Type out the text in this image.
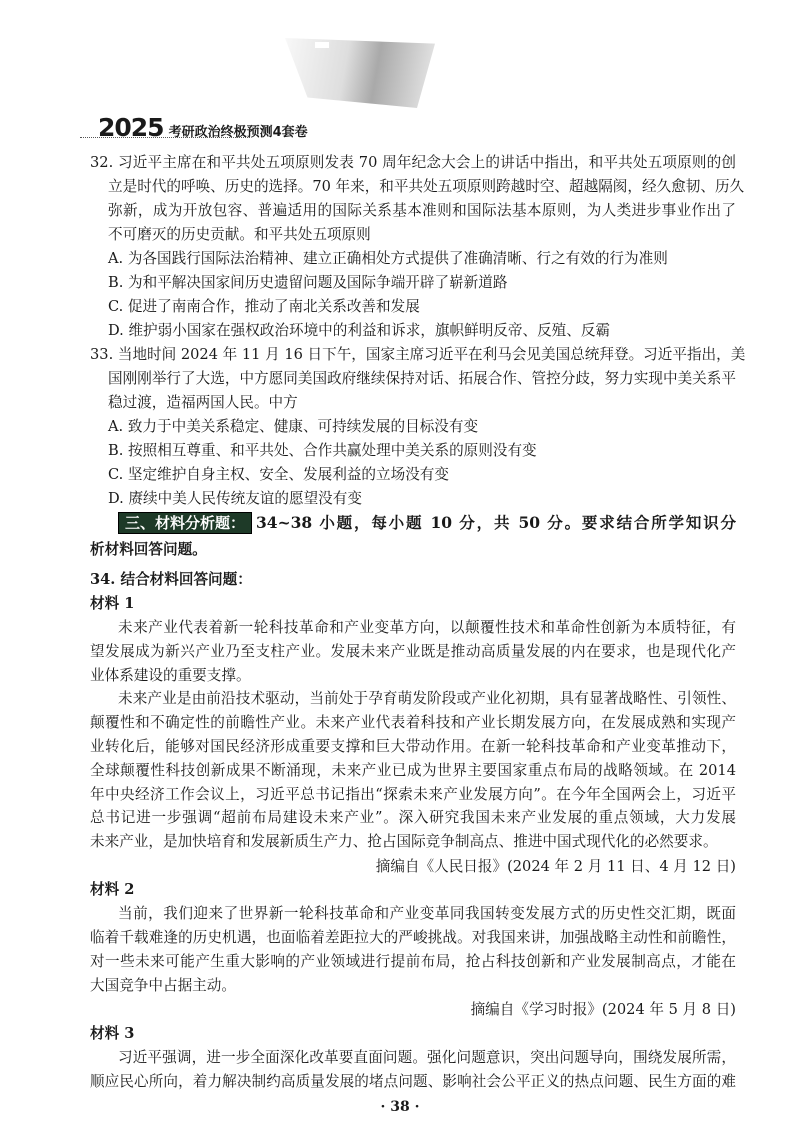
2025 考研政治终极预测4套卷
32. 习近平主席在和平共处五项原则发表 70 周年纪念大会上的讲话中指出，和平共处五项原则的创
立是时代的呼唤、历史的选择。70 年来，和平共处五项原则跨越时空、超越隔阂，经久愈韧、历久
弥新，成为开放包容、普遍适用的国际关系基本准则和国际法基本原则，为人类进步事业作出了
不可磨灭的历史贡献。和平共处五项原则
A. 为各国践行国际法治精神、建立正确相处方式提供了准确清晰、行之有效的行为准则
B. 为和平解决国家间历史遗留问题及国际争端开辟了崭新道路
C. 促进了南南合作，推动了南北关系改善和发展
D. 维护弱小国家在强权政治环境中的利益和诉求，旗帜鲜明反帝、反殖、反霸
33. 当地时间 2024 年 11 月 16 日下午，国家主席习近平在利马会见美国总统拜登。习近平指出，美
国刚刚举行了大选，中方愿同美国政府继续保持对话、拓展合作、管控分歧，努力实现中美关系平
稳过渡，造福两国人民。中方
A. 致力于中美关系稳定、健康、可持续发展的目标没有变
B. 按照相互尊重、和平共处、合作共赢处理中美关系的原则没有变
C. 坚定维护自身主权、安全、发展利益的立场没有变
D. 赓续中美人民传统友谊的愿望没有变
析材料回答问题。
34. 结合材料回答问题：
材料 1
未来产业代表着新一轮科技革命和产业变革方向，以颠覆性技术和革命性创新为本质特征，有
望发展成为新兴产业乃至支柱产业。发展未来产业既是推动高质量发展的内在要求，也是现代化产
业体系建设的重要支撑。
未来产业是由前沿技术驱动，当前处于孕育萌发阶段或产业化初期，具有显著战略性、引领性、
颠覆性和不确定性的前瞻性产业。未来产业代表着科技和产业长期发展方向，在发展成熟和实现产
业转化后，能够对国民经济形成重要支撑和巨大带动作用。在新一轮科技革命和产业变革推动下，
全球颠覆性科技创新成果不断涌现，未来产业已成为世界主要国家重点布局的战略领域。在 2014
年中央经济工作会议上，习近平总书记指出“探索未来产业发展方向”。在今年全国两会上，习近平
总书记进一步强调“超前布局建设未来产业”。深入研究我国未来产业发展的重点领域，大力发展
未来产业，是加快培育和发展新质生产力、抢占国际竞争制高点、推进中国式现代化的必然要求。
摘编自《人民日报》(2024 年 2 月 11 日、4 月 12 日)
材料 2
当前，我们迎来了世界新一轮科技革命和产业变革同我国转变发展方式的历史性交汇期，既面
临着千载难逢的历史机遇，也面临着差距拉大的严峻挑战。对我国来讲，加强战略主动性和前瞻性，
对一些未来可能产生重大影响的产业领域进行提前布局，抢占科技创新和产业发展制高点，才能在
大国竞争中占据主动。
摘编自《学习时报》(2024 年 5 月 8 日)
材料 3
习近平强调，进一步全面深化改革要直面问题。强化问题意识，突出问题导向，围绕发展所需，
顺应民心所向，着力解决制约高质量发展的堵点问题、影响社会公平正义的热点问题、民生方面的难
三、材料分析题： 34~38 小题，每小题 10 分，共 50 分。要求结合所学知识分
· 38 ·
